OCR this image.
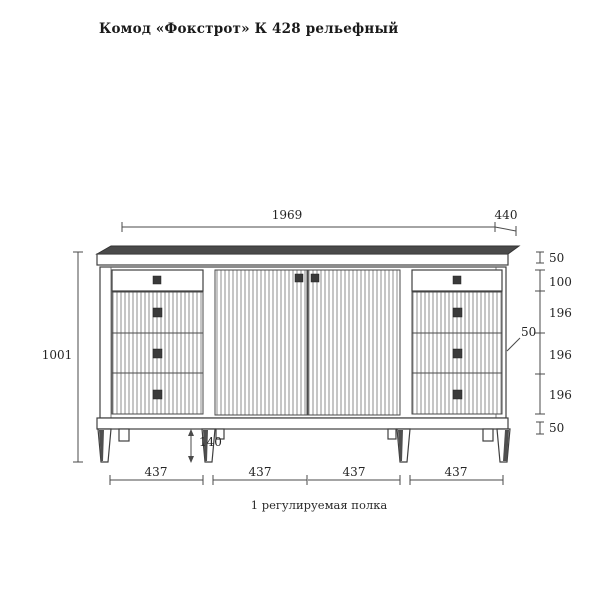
Комод «Фокстрот» К 428 рельефный
1969	440
1001
50
100
196
196
196
50
50
140
437	437	437	437
1 регулируемая полка
